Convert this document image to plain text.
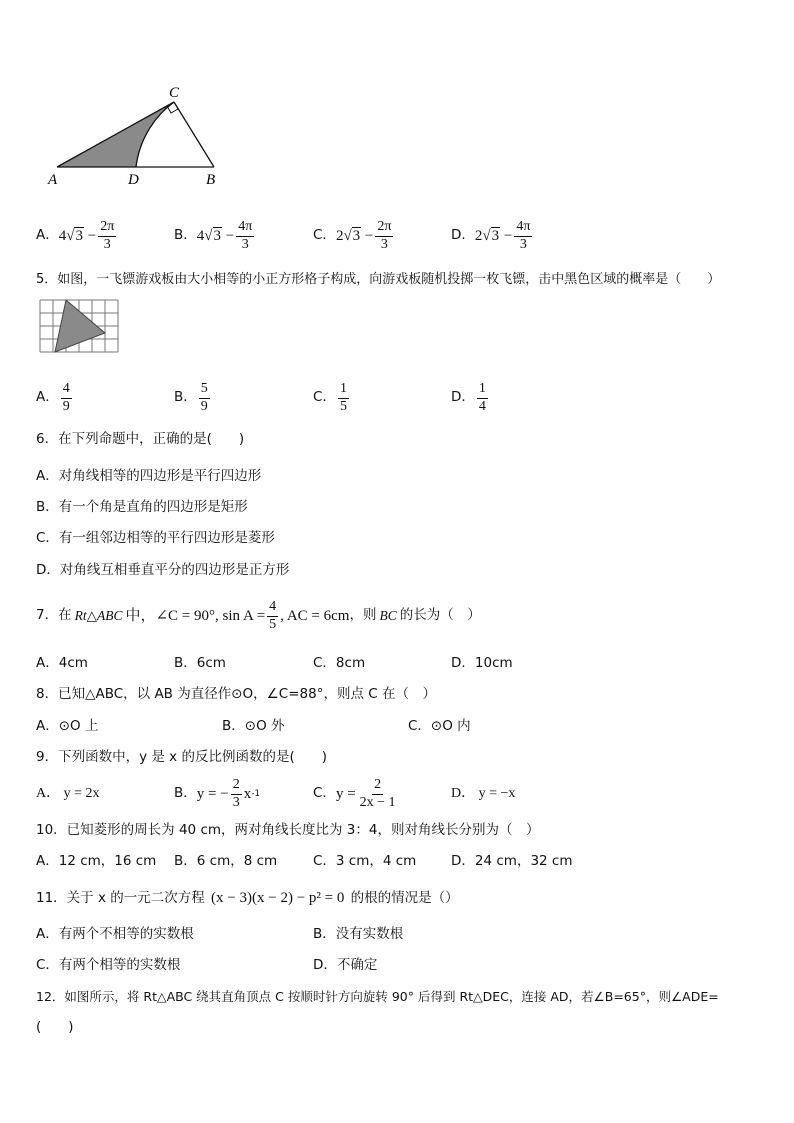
C
A	D	B
A． $4√3 - \frac{2\pi}{3}$	B． $4√3 - \frac{4\pi}{3}$	C． $2√3 - \frac{2\pi}{3}$	D． $2√3 - \frac{4\pi}{3}$
5．如图，一飞镖游戏板由大小相等的小正方形格子构成，向游戏板随机投掷一枚飞镖，击中黑色区域的概率是（　　）
A． $\frac{4}{9}$	B． $\frac{5}{9}$	C． $\frac{1}{5}$	D． $\frac{1}{4}$
6．在下列命题中，正确的是(　　)
A．对角线相等的四边形是平行四边形
B．有一个角是直角的四边形是矩形
C．有一组邻边相等的平行四边形是菱形
D．对角线互相垂直平分的四边形是正方形
7．在 Rt△ABC 中，∠C = 90°, $\sin A = \frac{4}{5}$ , AC = 6cm ，则 BC 的长为（　）
A．4cm	B．6cm	C．8cm	D．10cm
8．已知△ABC，以 AB 为直径作⊙O，∠C=88°，则点 C 在（　）
A．⊙O 上	B．⊙O 外	C．⊙O 内
9．下列函数中，y 是 x 的反比例函数的是(　　)
A． y = 2x	B． y = − $\frac{2}{3}$ x -1	C． $y = \frac{2}{2x - 1}$	D． y = −x
10．已知菱形的周长为 40 cm，两对角线长度比为 3：4，则对角线长分别为（　）
A．12 cm，16 cm B．6 cm，8 cm	C．3 cm，4 cm	D．24 cm，32 cm
11．关于 x 的一元二次方程 (x − 3)(x − 2) − p² = 0 的根的情况是（）
A．有两个不相等的实数根	B．没有实数根
C．有两个相等的实数根	D．不确定
12．如图所示，将 Rt△ABC 绕其直角顶点 C 按顺时针方向旋转 90° 后得到 Rt△DEC，连接 AD，若∠B=65°，则∠ADE=
(　　)
